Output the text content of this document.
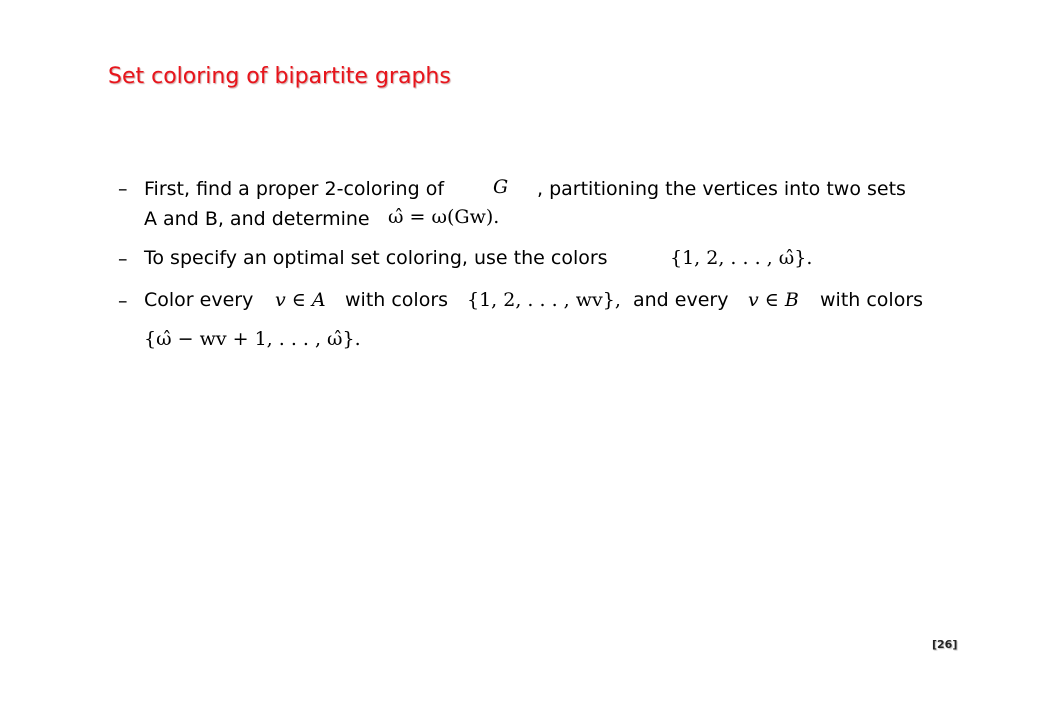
Set coloring of bipartite graphs
– First, find a proper 2-coloring of	G , partitioning the vertices into two sets
A and B, and determine ω̂ = ω(Gw).
– To specify an optimal set coloring, use the colors	{1, 2, . . . , ω̂}.
– Color every v ∈ A with colors {1, 2, . . . , wv}, and every v ∈ B with colors
{ω̂ − wv + 1, . . . , ω̂}.
[26]
